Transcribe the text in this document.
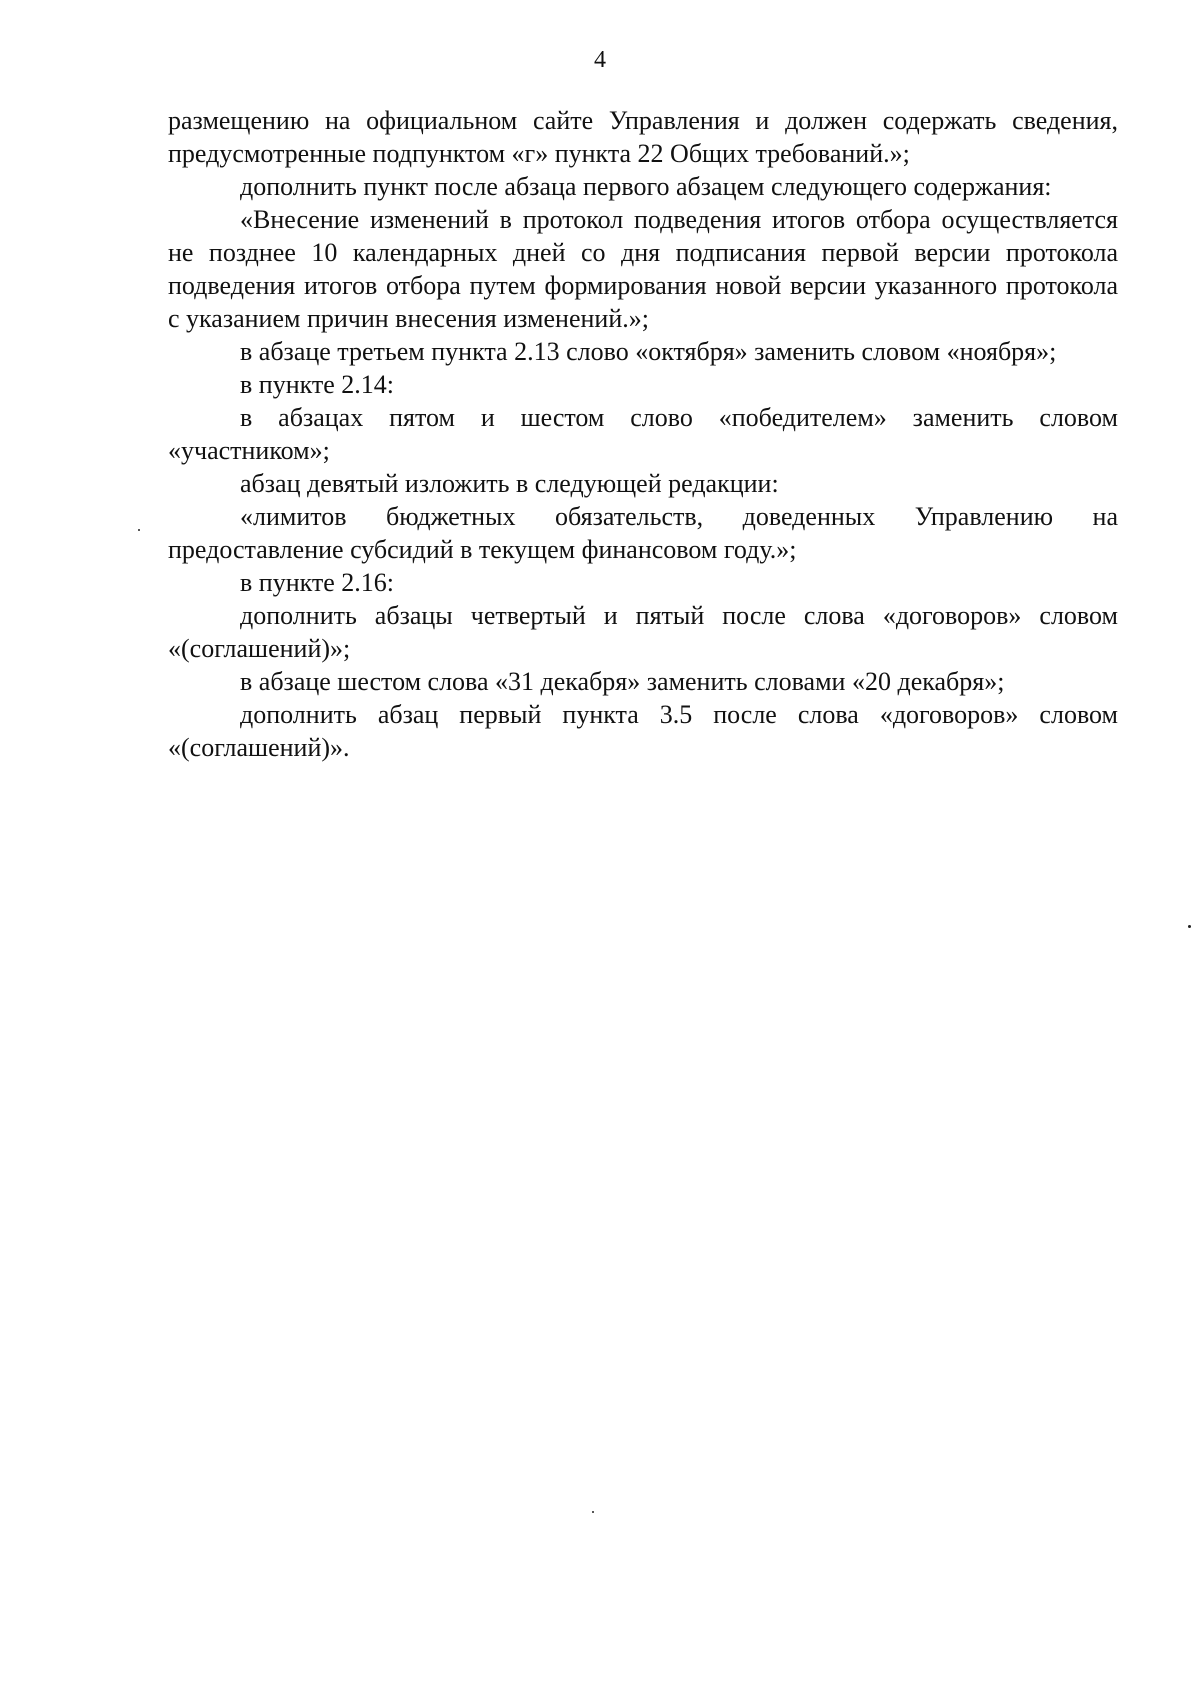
4

размещению на официальном сайте Управления и должен содержать сведения, предусмотренные подпунктом «г» пункта 22 Общих требований.»;

дополнить пункт после абзаца первого абзацем следующего содержания:

«Внесение изменений в протокол подведения итогов отбора осуществляется не позднее 10 календарных дней со дня подписания первой версии протокола подведения итогов отбора путем формирования новой версии указанного протокола с указанием причин внесения изменений.»;

в абзаце третьем пункта 2.13 слово «октября» заменить словом «ноября»;

в пункте 2.14:

в абзацах пятом и шестом слово «победителем» заменить словом «участником»;

абзац девятый изложить в следующей редакции:

«лимитов бюджетных обязательств, доведенных Управлению на предоставление субсидий в текущем финансовом году.»;

в пункте 2.16:

дополнить абзацы четвертый и пятый после слова «договоров» словом «(соглашений)»;

в абзаце шестом слова «31 декабря» заменить словами «20 декабря»;

дополнить абзац первый пункта 3.5 после слова «договоров» словом «(соглашений)».
